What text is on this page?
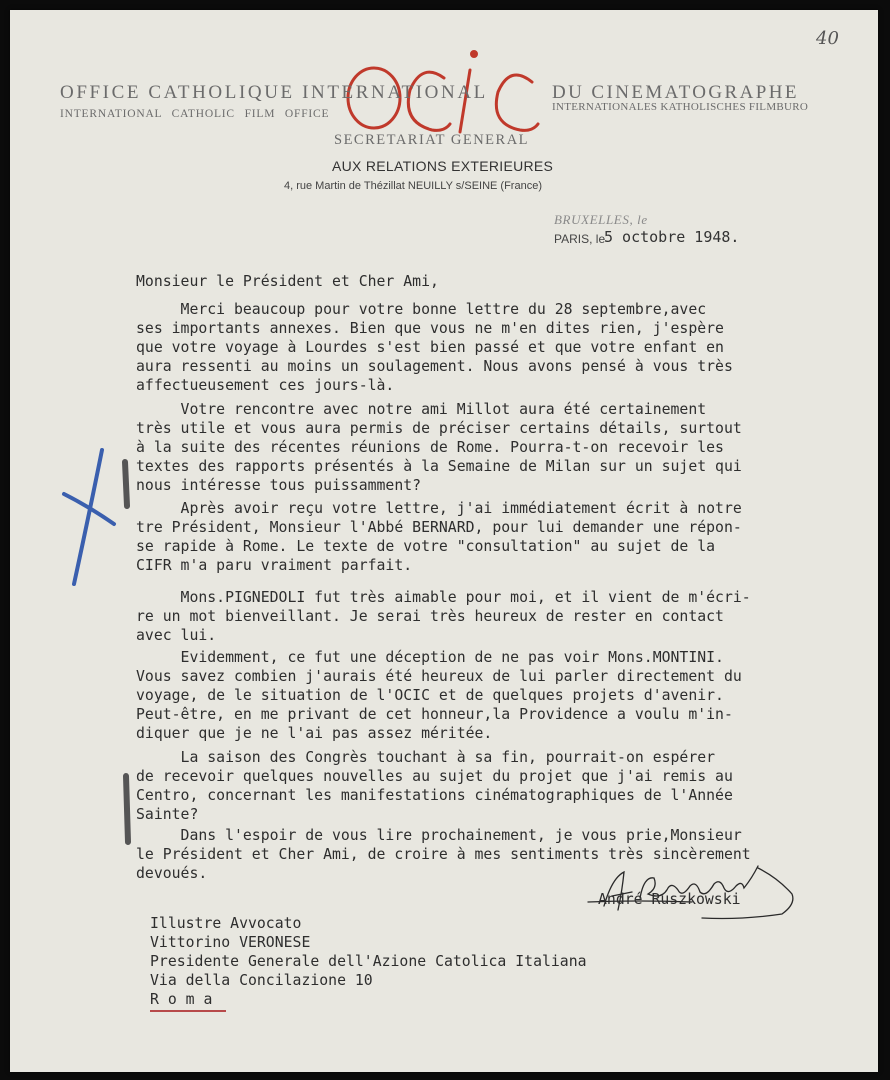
40
OFFICE CATHOLIQUE INTERNATIONAL	DU CINEMATOGRAPHE
INTERNATIONAL CATHOLIC FILM OFFICE
INTERNATIONALES KATHOLISCHES FILMBURO
SECRETARIAT GENERAL
AUX RELATIONS EXTERIEURES
4, rue Martin de Thézillat NEUILLY s/SEINE (France)
BRUXELLES, le
PARIS, le
5 octobre 1948.
Monsieur le Président et Cher Ami,
Merci beaucoup pour votre bonne lettre du 28 septembre,avec
ses importants annexes. Bien que vous ne m'en dites rien, j'espère
que votre voyage à Lourdes s'est bien passé et que votre enfant en
aura ressenti au moins un soulagement. Nous avons pensé à vous très
affectueusement ces jours-là.
Votre rencontre avec notre ami Millot aura été certainement
très utile et vous aura permis de préciser certains détails, surtout
à la suite des récentes réunions de Rome. Pourra-t-on recevoir les
textes des rapports présentés à la Semaine de Milan sur un sujet qui
nous intéresse tous puissamment?
Après avoir reçu votre lettre, j'ai immédiatement écrit à notre
tre Président, Monsieur l'Abbé BERNARD, pour lui demander une répon-
se rapide à Rome. Le texte de votre "consultation" au sujet de la
CIFR m'a paru vraiment parfait.
Mons.PIGNEDOLI fut très aimable pour moi, et il vient de m'écri-
re un mot bienveillant. Je serai très heureux de rester en contact
avec lui.
Evidemment, ce fut une déception de ne pas voir Mons.MONTINI.
Vous savez combien j'aurais été heureux de lui parler directement du
voyage, de le situation de l'OCIC et de quelques projets d'avenir.
Peut-être, en me privant de cet honneur,la Providence a voulu m'in-
diquer que je ne l'ai pas assez méritée.
La saison des Congrès touchant à sa fin, pourrait-on espérer
de recevoir quelques nouvelles au sujet du projet que j'ai remis au
Centro, concernant les manifestations cinématographiques de l'Année
Sainte?
Dans l'espoir de vous lire prochainement, je vous prie,Monsieur
le Président et Cher Ami, de croire à mes sentiments très sincèrement
devoués.
André Ruszkowski
Illustre Avvocato
Vittorino VERONESE
Presidente Generale dell'Azione Catolica Italiana
Via della Concilazione 10
R o m a
